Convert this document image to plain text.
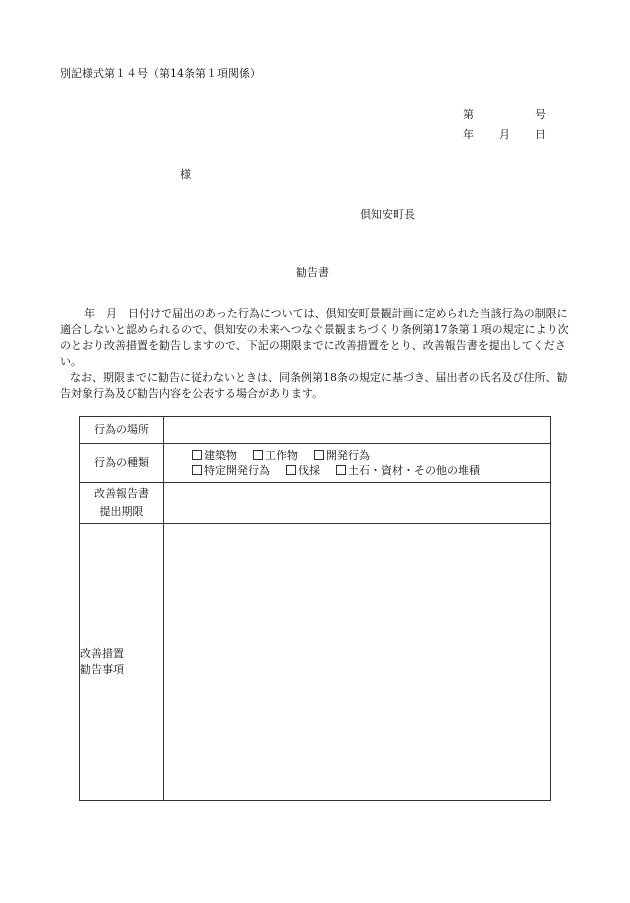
別記様式第１４号（第14条第１項関係）
第	号
年 月 日
様
倶知安町長
勧告書

年　月　日付けで届出のあった行為については、倶知安町景観計画に定められた当該行為の制限に適合しないと認められるので、倶知安の未来へつなぐ景観まちづくり条例第17条第１項の規定により次のとおり改善措置を勧告しますので、下記の期限までに改善措置をとり、改善報告書を提出してください。

なお、期限までに勧告に従わないときは、同条例第18条の規定に基づき、届出者の氏名及び住所、勧告対象行為及び勧告内容を公表する場合があります。

行為の場所	
行為の種類	建築物 工作物 開発行為
特定開発行為 伐採 土石・資材・その他の堆積

改善報告書
提出期限	

改善措置
勧告事項	
